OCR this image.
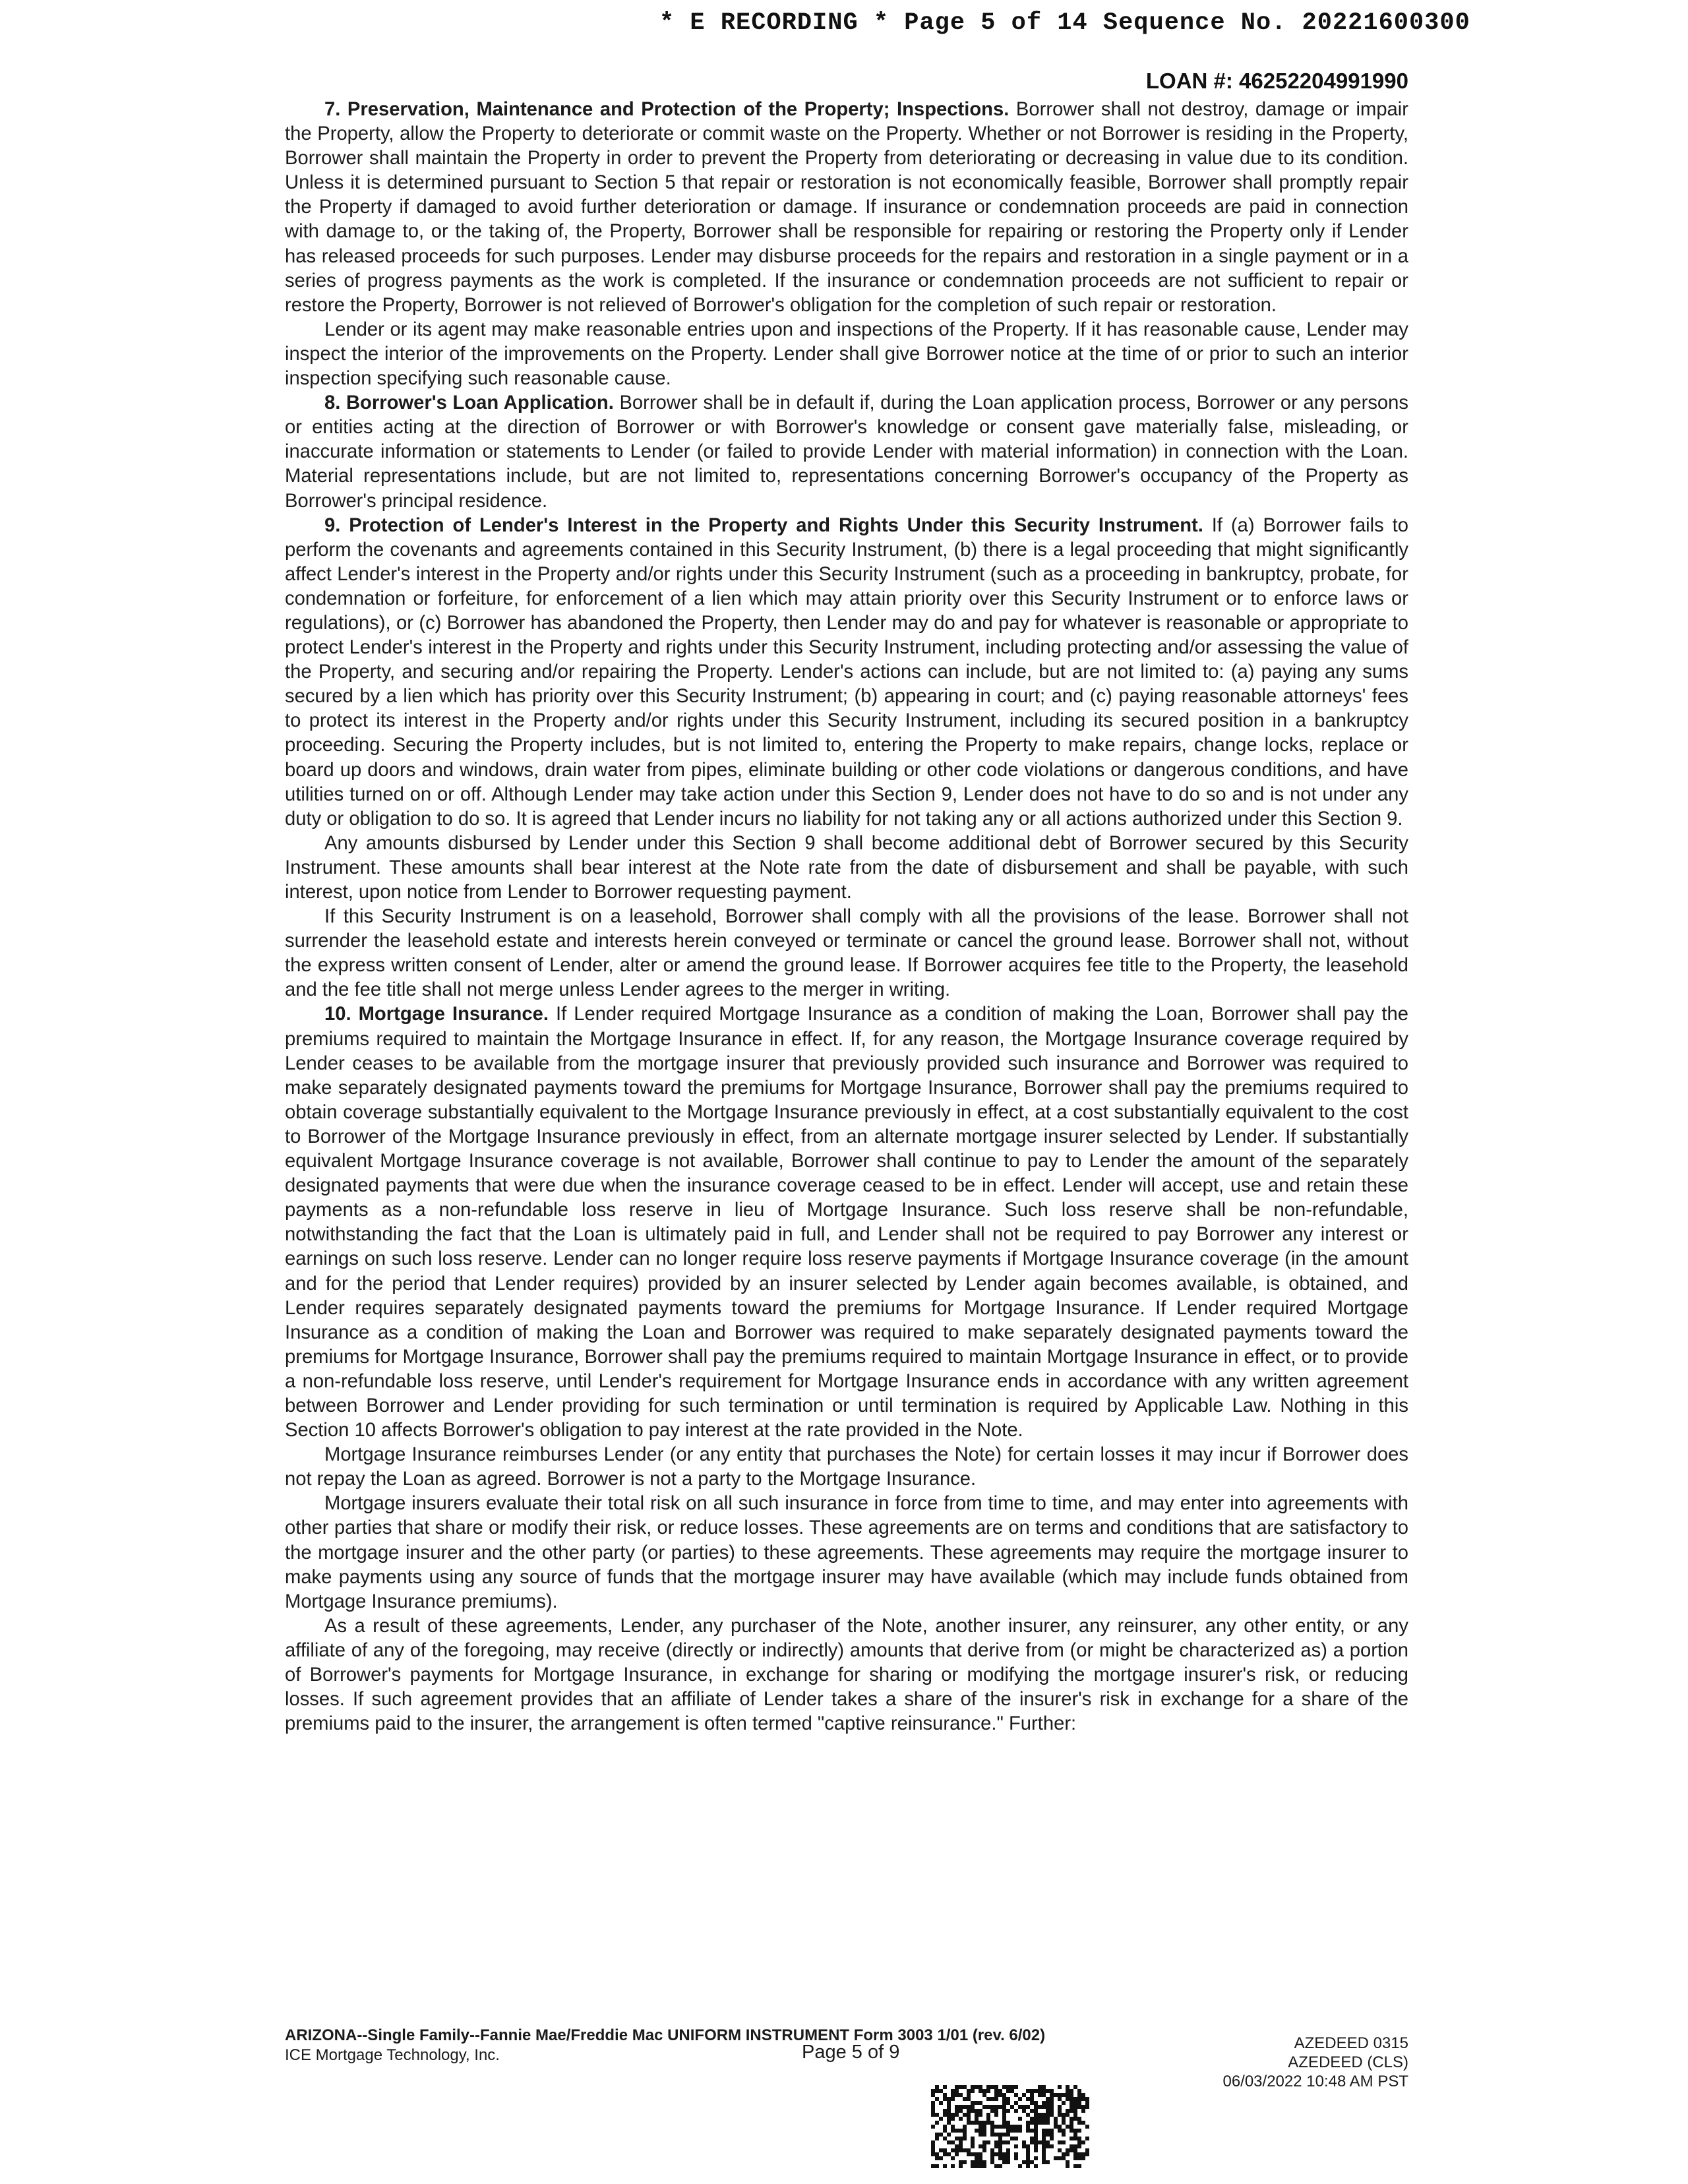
* E RECORDING * Page 5 of 14 Sequence No. 20221600300
LOAN #: 46252204991990

7. Preservation, Maintenance and Protection of the Property; Inspections. Borrower shall not destroy, damage or impair the Property, allow the Property to deteriorate or commit waste on the Property. Whether or not Borrower is residing in the Property, Borrower shall maintain the Property in order to prevent the Property from deteriorating or decreasing in value due to its condition. Unless it is determined pursuant to Section 5 that repair or restoration is not economically feasible, Borrower shall promptly repair the Property if damaged to avoid further deterioration or damage. If insurance or condemnation proceeds are paid in connection with damage to, or the taking of, the Property, Borrower shall be responsible for repairing or restoring the Property only if Lender has released proceeds for such purposes. Lender may disburse proceeds for the repairs and restoration in a single payment or in a series of progress payments as the work is completed. If the insurance or condemnation proceeds are not sufficient to repair or restore the Property, Borrower is not relieved of Borrower's obligation for the completion of such repair or restoration.

Lender or its agent may make reasonable entries upon and inspections of the Property. If it has reasonable cause, Lender may inspect the interior of the improvements on the Property. Lender shall give Borrower notice at the time of or prior to such an interior inspection specifying such reasonable cause.

8. Borrower's Loan Application. Borrower shall be in default if, during the Loan application process, Borrower or any persons or entities acting at the direction of Borrower or with Borrower's knowledge or consent gave materially false, misleading, or inaccurate information or statements to Lender (or failed to provide Lender with material information) in connection with the Loan. Material representations include, but are not limited to, representations concerning Borrower's occupancy of the Property as Borrower's principal residence.

9. Protection of Lender's Interest in the Property and Rights Under this Security Instrument. If (a) Borrower fails to perform the covenants and agreements contained in this Security Instrument, (b) there is a legal proceeding that might significantly affect Lender's interest in the Property and/or rights under this Security Instrument (such as a proceeding in bankruptcy, probate, for condemnation or forfeiture, for enforcement of a lien which may attain priority over this Security Instrument or to enforce laws or regulations), or (c) Borrower has abandoned the Property, then Lender may do and pay for whatever is reasonable or appropriate to protect Lender's interest in the Property and rights under this Security Instrument, including protecting and/or assessing the value of the Property, and securing and/or repairing the Property. Lender's actions can include, but are not limited to: (a) paying any sums secured by a lien which has priority over this Security Instrument; (b) appearing in court; and (c) paying reasonable attorneys' fees to protect its interest in the Property and/or rights under this Security Instrument, including its secured position in a bankruptcy proceeding. Securing the Property includes, but is not limited to, entering the Property to make repairs, change locks, replace or board up doors and windows, drain water from pipes, eliminate building or other code violations or dangerous conditions, and have utilities turned on or off. Although Lender may take action under this Section 9, Lender does not have to do so and is not under any duty or obligation to do so. It is agreed that Lender incurs no liability for not taking any or all actions authorized under this Section 9.

Any amounts disbursed by Lender under this Section 9 shall become additional debt of Borrower secured by this Security Instrument. These amounts shall bear interest at the Note rate from the date of disbursement and shall be payable, with such interest, upon notice from Lender to Borrower requesting payment.

If this Security Instrument is on a leasehold, Borrower shall comply with all the provisions of the lease. Borrower shall not surrender the leasehold estate and interests herein conveyed or terminate or cancel the ground lease. Borrower shall not, without the express written consent of Lender, alter or amend the ground lease. If Borrower acquires fee title to the Property, the leasehold and the fee title shall not merge unless Lender agrees to the merger in writing.

10. Mortgage Insurance. If Lender required Mortgage Insurance as a condition of making the Loan, Borrower shall pay the premiums required to maintain the Mortgage Insurance in effect. If, for any reason, the Mortgage Insurance coverage required by Lender ceases to be available from the mortgage insurer that previously provided such insurance and Borrower was required to make separately designated payments toward the premiums for Mortgage Insurance, Borrower shall pay the premiums required to obtain coverage substantially equivalent to the Mortgage Insurance previously in effect, at a cost substantially equivalent to the cost to Borrower of the Mortgage Insurance previously in effect, from an alternate mortgage insurer selected by Lender. If substantially equivalent Mortgage Insurance coverage is not available, Borrower shall continue to pay to Lender the amount of the separately designated payments that were due when the insurance coverage ceased to be in effect. Lender will accept, use and retain these payments as a non-refundable loss reserve in lieu of Mortgage Insurance. Such loss reserve shall be non-refundable, notwithstanding the fact that the Loan is ultimately paid in full, and Lender shall not be required to pay Borrower any interest or earnings on such loss reserve. Lender can no longer require loss reserve payments if Mortgage Insurance coverage (in the amount and for the period that Lender requires) provided by an insurer selected by Lender again becomes available, is obtained, and Lender requires separately designated payments toward the premiums for Mortgage Insurance. If Lender required Mortgage Insurance as a condition of making the Loan and Borrower was required to make separately designated payments toward the premiums for Mortgage Insurance, Borrower shall pay the premiums required to maintain Mortgage Insurance in effect, or to provide a non-refundable loss reserve, until Lender's requirement for Mortgage Insurance ends in accordance with any written agreement between Borrower and Lender providing for such termination or until termination is required by Applicable Law. Nothing in this Section 10 affects Borrower's obligation to pay interest at the rate provided in the Note.

Mortgage Insurance reimburses Lender (or any entity that purchases the Note) for certain losses it may incur if Borrower does not repay the Loan as agreed. Borrower is not a party to the Mortgage Insurance.

Mortgage insurers evaluate their total risk on all such insurance in force from time to time, and may enter into agreements with other parties that share or modify their risk, or reduce losses. These agreements are on terms and conditions that are satisfactory to the mortgage insurer and the other party (or parties) to these agreements. These agreements may require the mortgage insurer to make payments using any source of funds that the mortgage insurer may have available (which may include funds obtained from Mortgage Insurance premiums).

As a result of these agreements, Lender, any purchaser of the Note, another insurer, any reinsurer, any other entity, or any affiliate of any of the foregoing, may receive (directly or indirectly) amounts that derive from (or might be characterized as) a portion of Borrower's payments for Mortgage Insurance, in exchange for sharing or modifying the mortgage insurer's risk, or reducing losses. If such agreement provides that an affiliate of Lender takes a share of the insurer's risk in exchange for a share of the premiums paid to the insurer, the arrangement is often termed "captive reinsurance." Further:

ARIZONA--Single Family--Fannie Mae/Freddie Mac UNIFORM INSTRUMENT Form 3003 1/01 (rev. 6/02)
ICE Mortgage Technology, Inc.	Page 5 of 9	AZEDEED 0315
AZEDEED (CLS)
06/03/2022 10:48 AM PST
